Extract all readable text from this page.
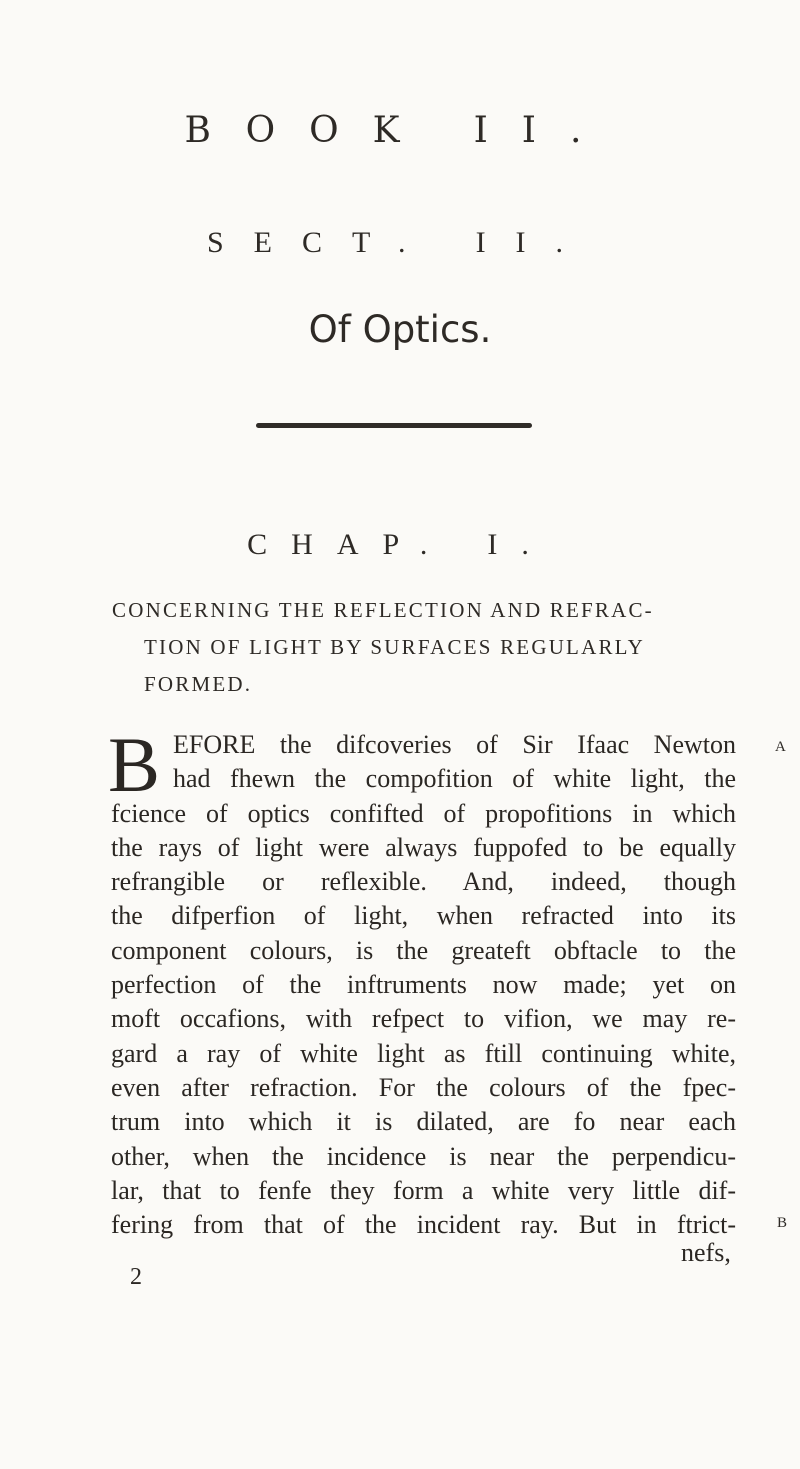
BOOK II.
SECT. II.
Of Optics.
CHAP. I.
CONCERNING THE REFLECTION AND REFRAC-
TION OF LIGHT BY SURFACES REGULARLY
FORMED.
B EFORE the difcoveries of Sir Ifaac Newton
had fhewn the compofition of white light, the
fcience of optics confifted of propofitions in which
the rays of light were always fuppofed to be equally
refrangible or reflexible. And, indeed, though
the difperfion of light, when refracted into its
component colours, is the greateft obftacle to the
perfection of the inftruments now made; yet on
moft occafions, with refpect to vifion, we may re-
gard a ray of white light as ftill continuing white,
even after refraction. For the colours of the fpec-
trum into which it is dilated, are fo near each
other, when the incidence is near the perpendicu-
lar, that to fenfe they form a white very little dif-
fering from that of the incident ray. But in ftrict-
A
B
nefs,
2
